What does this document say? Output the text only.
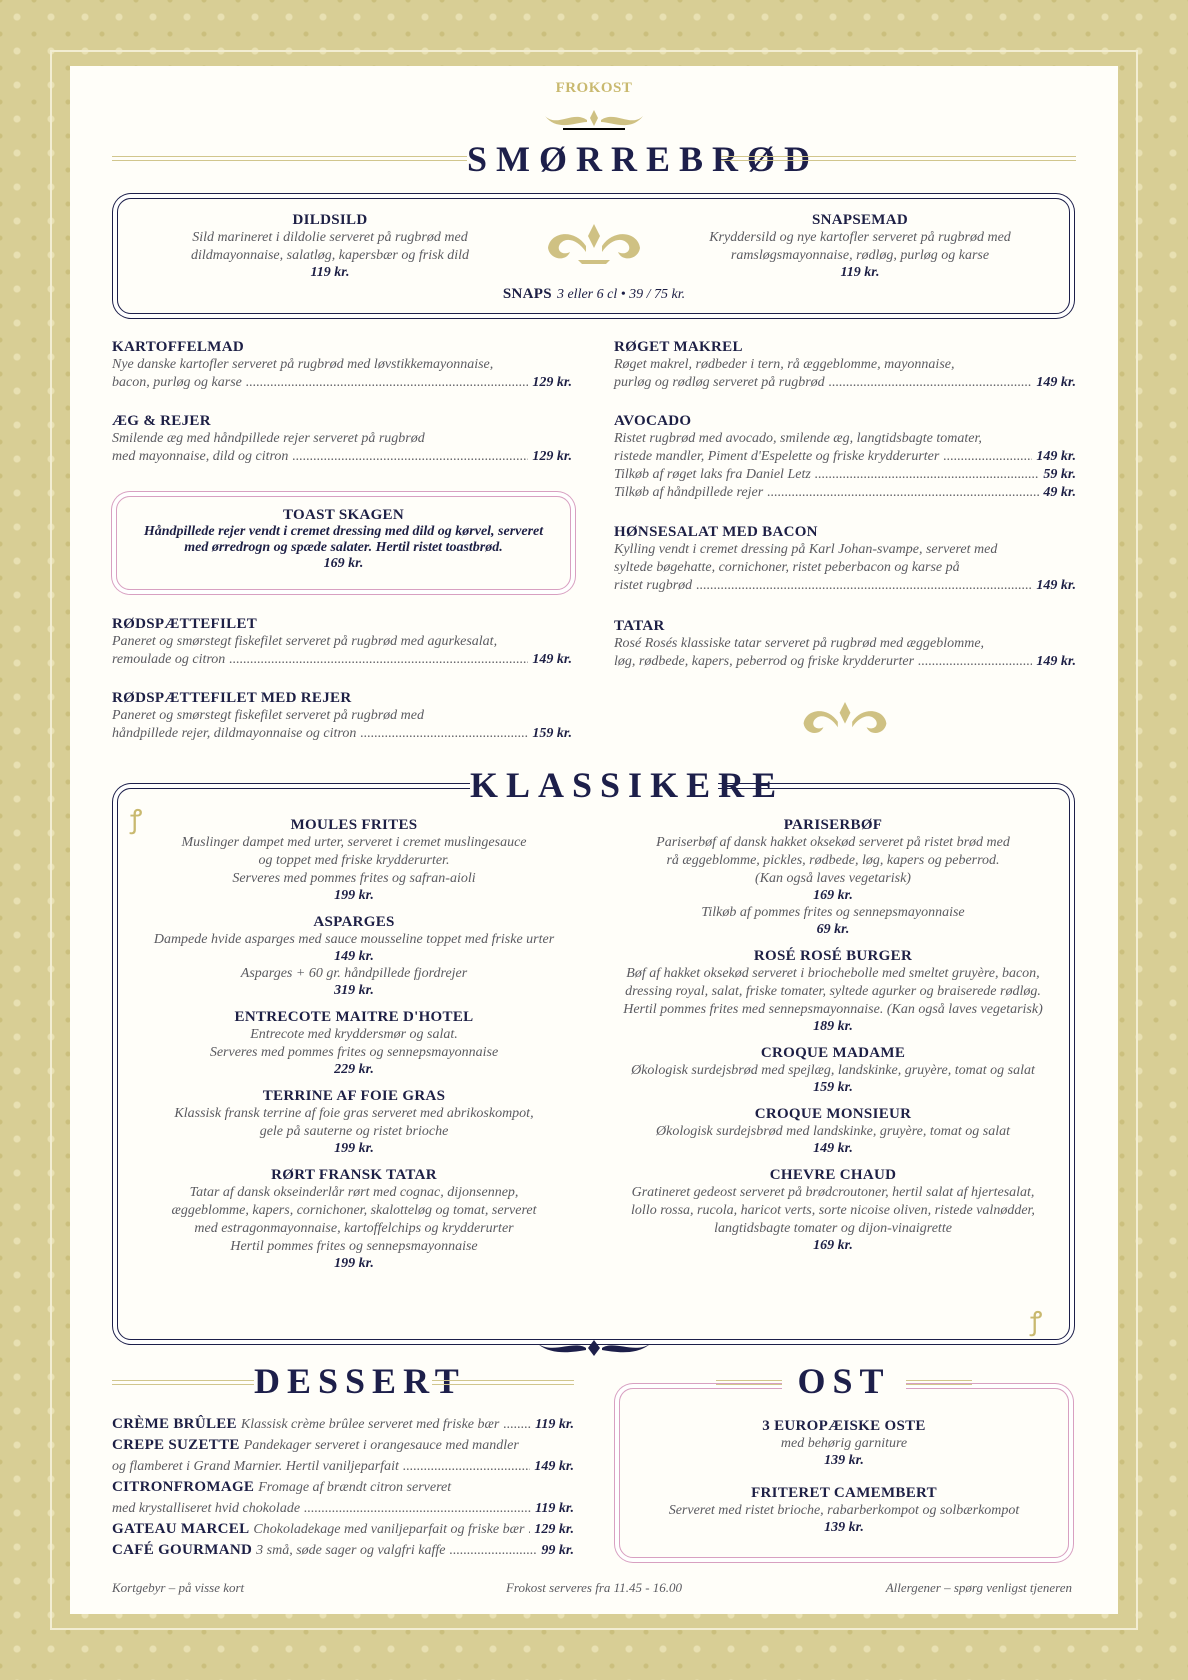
FROKOST
SMØRREBRØD
DILDSILD
Sild marineret i dildolie serveret på rugbrød med
dildmayonnaise, salatløg, kapersbær og frisk dild
119 kr.
SNAPSEMAD
Kryddersild og nye kartofler serveret på rugbrød med
ramsløgsmayonnaise, rødløg, purløg og karse
119 kr.
SNAPS 3 eller 6 cl • 39 / 75 kr.
KARTOFFELMAD
Nye danske kartofler serveret på rugbrød med løvstikkemayonnaise,
bacon, purløg og karse .....	129 kr.
ÆG & REJER
Smilende æg med håndpillede rejer serveret på rugbrød
med mayonnaise, dild og citron .....	129 kr.
TOAST SKAGEN
Håndpillede rejer vendt i cremet dressing med dild og kørvel, serveret
med ørredrogn og spæde salater. Hertil ristet toastbrød.
169 kr.
RØDSPÆTTEFILET
Paneret og smørstegt fiskefilet serveret på rugbrød med agurkesalat,
remoulade og citron .....	149 kr.
RØDSPÆTTEFILET MED REJER
Paneret og smørstegt fiskefilet serveret på rugbrød med
håndpillede rejer, dildmayonnaise og citron .....	159 kr.
RØGET MAKREL
Røget makrel, rødbeder i tern, rå æggeblomme, mayonnaise,
purløg og rødløg serveret på rugbrød .....	149 kr.
AVOCADO
Ristet rugbrød med avocado, smilende æg, langtidsbagte tomater,
ristede mandler, Piment d'Espelette og friske krydderurter .....	149 kr.
Tilkøb af røget laks fra Daniel Letz .....	59 kr.
Tilkøb af håndpillede rejer .....	49 kr.
HØNSESALAT MED BACON
Kylling vendt i cremet dressing på Karl Johan-svampe, serveret med
syltede bøgehatte, cornichoner, ristet peberbacon og karse på
ristet rugbrød .....	149 kr.
TATAR
Rosé Rosés klassiske tatar serveret på rugbrød med æggeblomme,
løg, rødbede, kapers, peberrod og friske krydderurter .....	149 kr.
KLASSIKERE
ꝭ
ꝭ
MOULES FRITES
Muslinger dampet med urter, serveret i cremet muslingesauce
og toppet med friske krydderurter.
Serveres med pommes frites og safran-aioli
199 kr.
ASPARGES
Dampede hvide asparges med sauce mousseline toppet med friske urter
149 kr.
Asparges + 60 gr. håndpillede fjordrejer
319 kr.
ENTRECOTE MAITRE D'HOTEL
Entrecote med kryddersmør og salat.
Serveres med pommes frites og sennepsmayonnaise
229 kr.
TERRINE AF FOIE GRAS
Klassisk fransk terrine af foie gras serveret med abrikoskompot,
gele på sauterne og ristet brioche
199 kr.
RØRT FRANSK TATAR
Tatar af dansk okseinderlår rørt med cognac, dijonsennep,
æggeblomme, kapers, cornichoner, skalotteløg og tomat, serveret
med estragonmayonnaise, kartoffelchips og krydderurter
Hertil pommes frites og sennepsmayonnaise
199 kr.
PARISERBØF
Pariserbøf af dansk hakket oksekød serveret på ristet brød med
rå æggeblomme, pickles, rødbede, løg, kapers og peberrod.
(Kan også laves vegetarisk)
169 kr.
Tilkøb af pommes frites og sennepsmayonnaise
69 kr.
ROSÉ ROSÉ BURGER
Bøf af hakket oksekød serveret i briochebolle med smeltet gruyère, bacon,
dressing royal, salat, friske tomater, syltede agurker og braiserede rødløg.
Hertil pommes frites med sennepsmayonnaise. (Kan også laves vegetarisk)
189 kr.
CROQUE MADAME
Økologisk surdejsbrød med spejlæg, landskinke, gruyère, tomat og salat
159 kr.
CROQUE MONSIEUR
Økologisk surdejsbrød med landskinke, gruyère, tomat og salat
149 kr.
CHEVRE CHAUD
Gratineret gedeost serveret på brødcroutoner, hertil salat af hjertesalat,
lollo rossa, rucola, haricot verts, sorte nicoise oliven, ristede valnødder,
langtidsbagte tomater og dijon-vinaigrette
169 kr.
DESSERT
CRÈME BRÛLEE Klassisk crème brûlee serveret med friske bær .....	119 kr.
CREPE SUZETTE Pandekager serveret i orangesauce med mandler
og flamberet i Grand Marnier. Hertil vaniljeparfait .....	149 kr.
CITRONFROMAGE Fromage af brændt citron serveret
med krystalliseret hvid chokolade .....	119 kr.
GATEAU MARCEL Chokoladekage med vaniljeparfait og friske bær ..... 129 kr.
CAFÉ GOURMAND 3 små, søde sager og valgfri kaffe .....	99 kr.
OST
3 EUROPÆISKE OSTE
med behørig garniture
139 kr.
FRITERET CAMEMBERT
Serveret med ristet brioche, rabarberkompot og solbærkompot
139 kr.
Kortgebyr – på visse kort	Frokost serveres fra 11.45 - 16.00	Allergener – spørg venligst tjeneren
